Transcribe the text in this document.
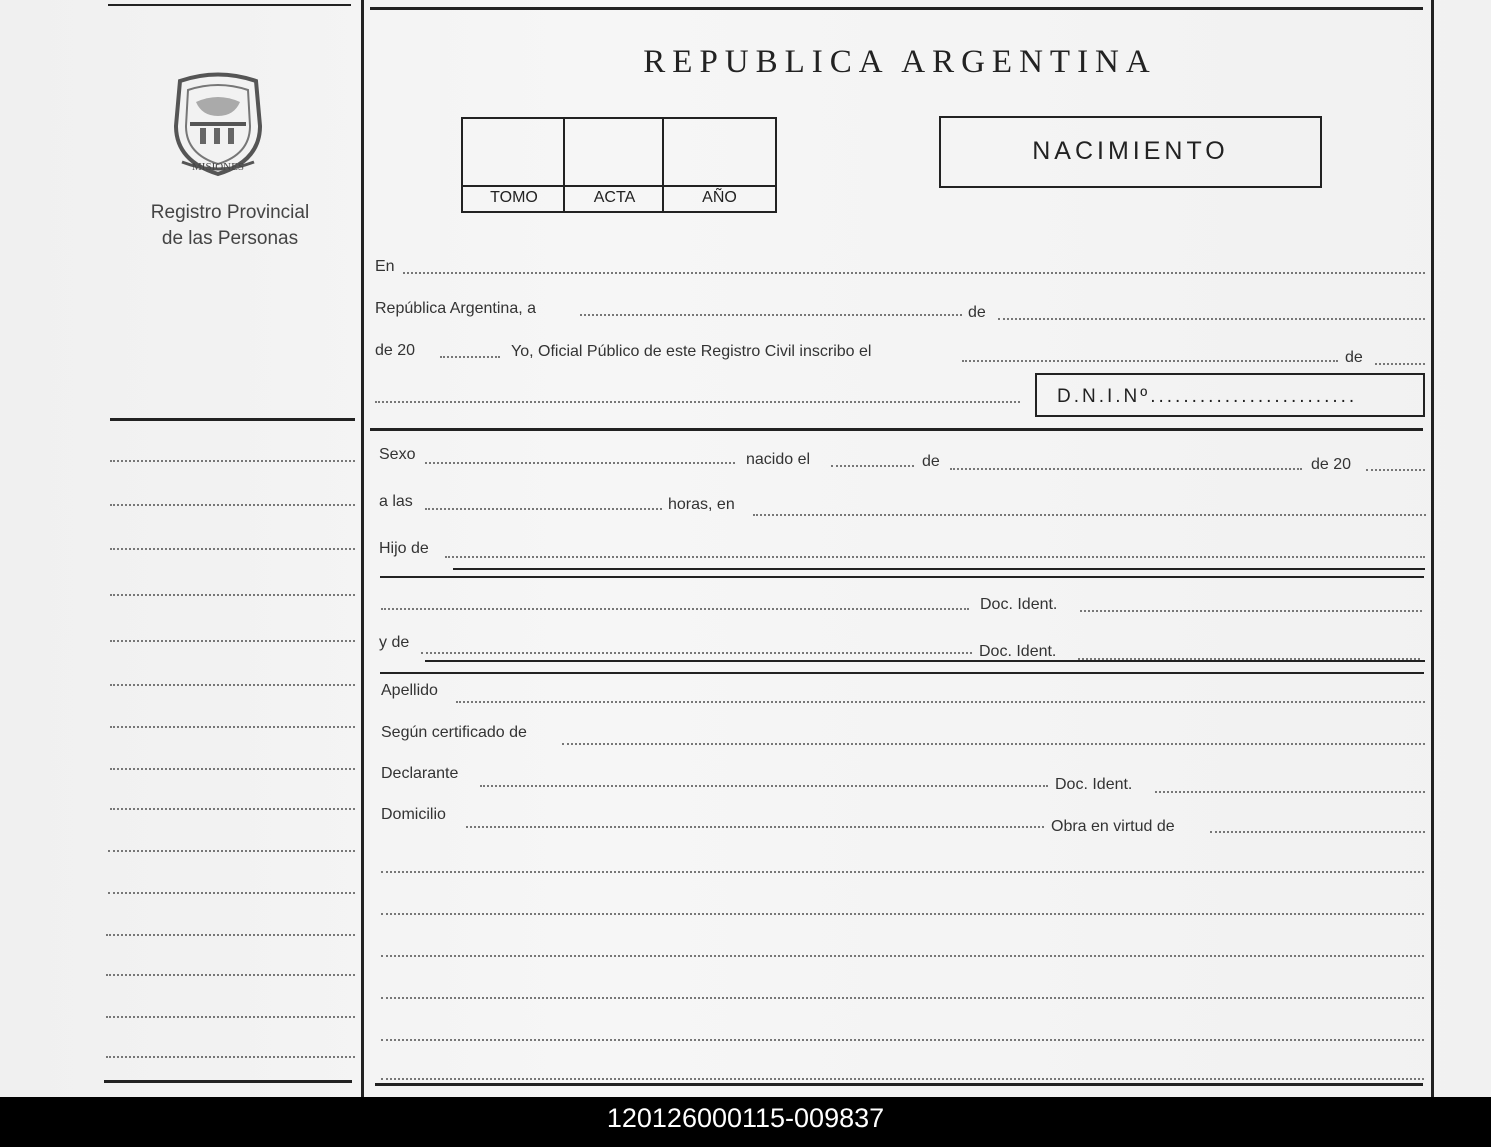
MISIONES
Registro Provincial
de las Personas
REPUBLICA ARGENTINA
TOMO	ACTA	AÑO
NACIMIENTO
En
República Argentina, a	de
de 20	Yo, Oficial Público de este Registro Civil inscribo el	de
D.N.I.Nº.........................
Sexo	nacido el	de	de 20
a las	horas, en
Hijo de
Doc. Ident.
y de
Doc. Ident.
Apellido
Según certificado de
Declarante
Doc. Ident.
Domicilio
Obra en virtud de
120126000115-009837
